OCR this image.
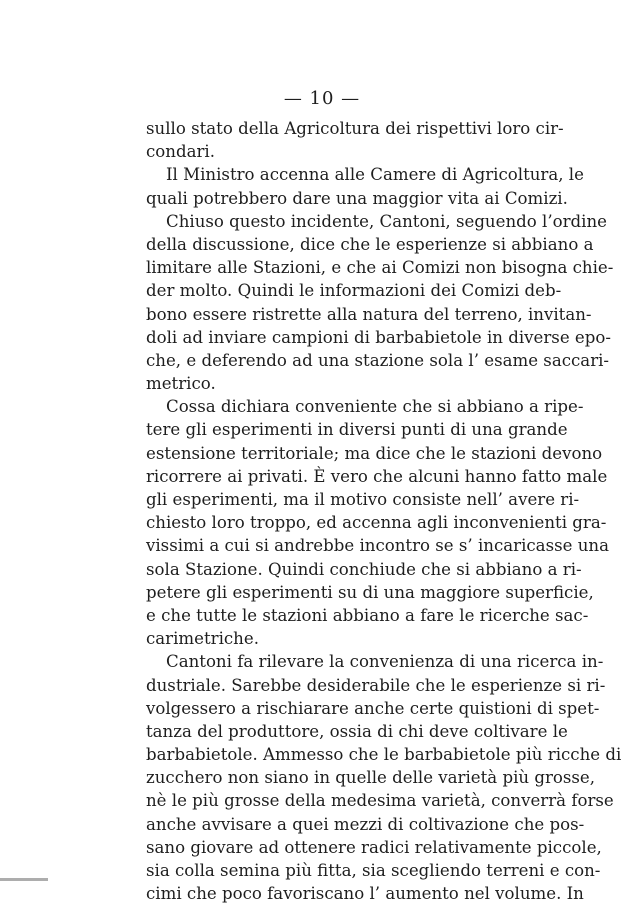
— 10 —
sullo stato della Agricoltura dei rispettivi loro cir-
condari.
Il Ministro accenna alle Camere di Agricoltura, le
quali potrebbero dare una maggior vita ai Comizi.
Chiuso questo incidente, Cantoni, seguendo l’ordine
della discussione, dice che le esperienze si abbiano a
limitare alle Stazioni, e che ai Comizi non bisogna chie-
der molto. Quindi le informazioni dei Comizi deb-
bono essere ristrette alla natura del terreno, invitan-
doli ad inviare campioni di barbabietole in diverse epo-
che, e deferendo ad una stazione sola l’ esame saccari-
metrico.
Cossa dichiara conveniente che si abbiano a ripe-
tere gli esperimenti in diversi punti di una grande
estensione territoriale; ma dice che le stazioni devono
ricorrere ai privati. È vero che alcuni hanno fatto male
gli esperimenti, ma il motivo consiste nell’ avere ri-
chiesto loro troppo, ed accenna agli inconvenienti gra-
vissimi a cui si andrebbe incontro se s’ incaricasse una
sola Stazione. Quindi conchiude che si abbiano a ri-
petere gli esperimenti su di una maggiore superficie,
e che tutte le stazioni abbiano a fare le ricerche sac-
carimetriche.
Cantoni fa rilevare la convenienza di una ricerca in-
dustriale. Sarebbe desiderabile che le esperienze si ri-
volgessero a rischiarare anche certe quistioni di spet-
tanza del produttore, ossia di chi deve coltivare le
barbabietole. Ammesso che le barbabietole più ricche di
zucchero non siano in quelle delle varietà più grosse,
nè le più grosse della medesima varietà, converrà forse
anche avvisare a quei mezzi di coltivazione che pos-
sano giovare ad ottenere radici relativamente piccole,
sia colla semina più fitta, sia scegliendo terreni e con-
cimi che poco favoriscano l’ aumento nel volume. In
